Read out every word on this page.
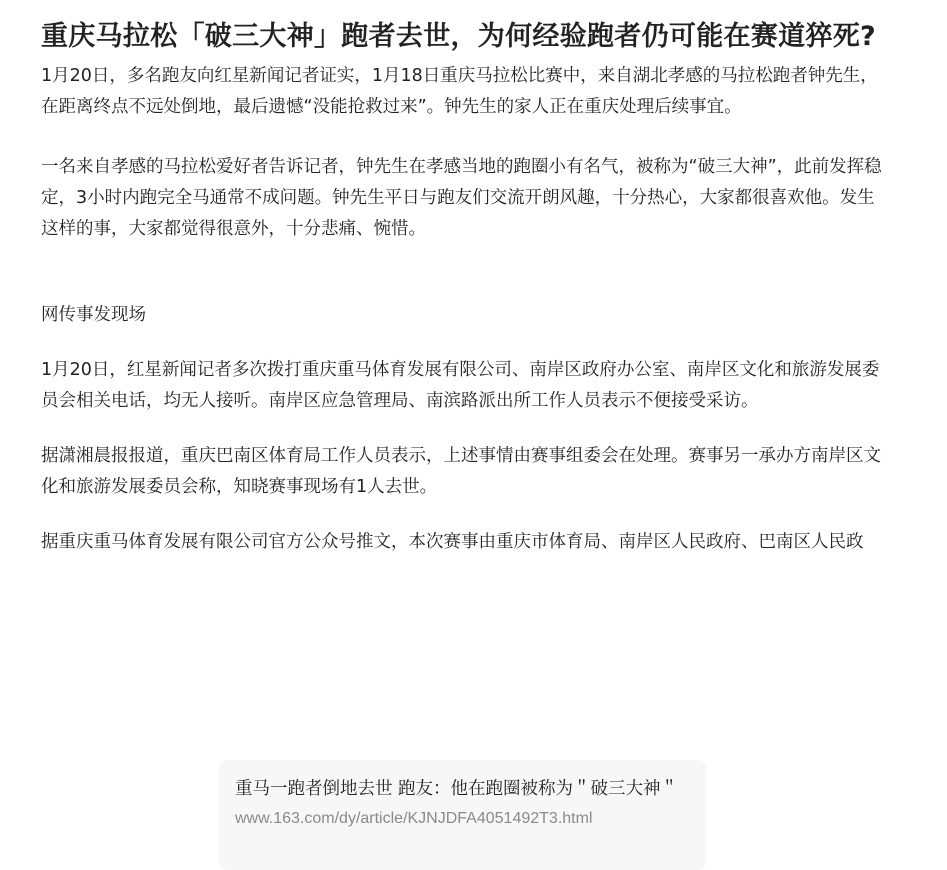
重庆马拉松「破三大神」跑者去世，为何经验跑者仍可能在赛道猝死?

1月20日，多名跑友向红星新闻记者证实，1月18日重庆马拉松比赛中，来自湖北孝感的马拉松跑者钟先生，在距离终点不远处倒地，最后遗憾“没能抢救过来”。钟先生的家人正在重庆处理后续事宜。

一名来自孝感的马拉松爱好者告诉记者，钟先生在孝感当地的跑圈小有名气，被称为“破三大神”，此前发挥稳定，3小时内跑完全马通常不成问题。钟先生平日与跑友们交流开朗风趣，十分热心，大家都很喜欢他。发生这样的事，大家都觉得很意外，十分悲痛、惋惜。

网传事发现场

1月20日，红星新闻记者多次拨打重庆重马体育发展有限公司、南岸区政府办公室、南岸区文化和旅游发展委员会相关电话，均无人接听。南岸区应急管理局、南滨路派出所工作人员表示不便接受采访。

据潇湘晨报报道，重庆巴南区体育局工作人员表示，上述事情由赛事组委会在处理。赛事另一承办方南岸区文化和旅游发展委员会称，知晓赛事现场有1人去世。

据重庆重马体育发展有限公司官方公众号推文，本次赛事由重庆市体育局、南岸区人民政府、巴南区人民政

重马一跑者倒地去世 跑友：他在跑圈被称为＂破三大神＂

www.163.com/dy/article/KJNJDFA4051492T3.html
